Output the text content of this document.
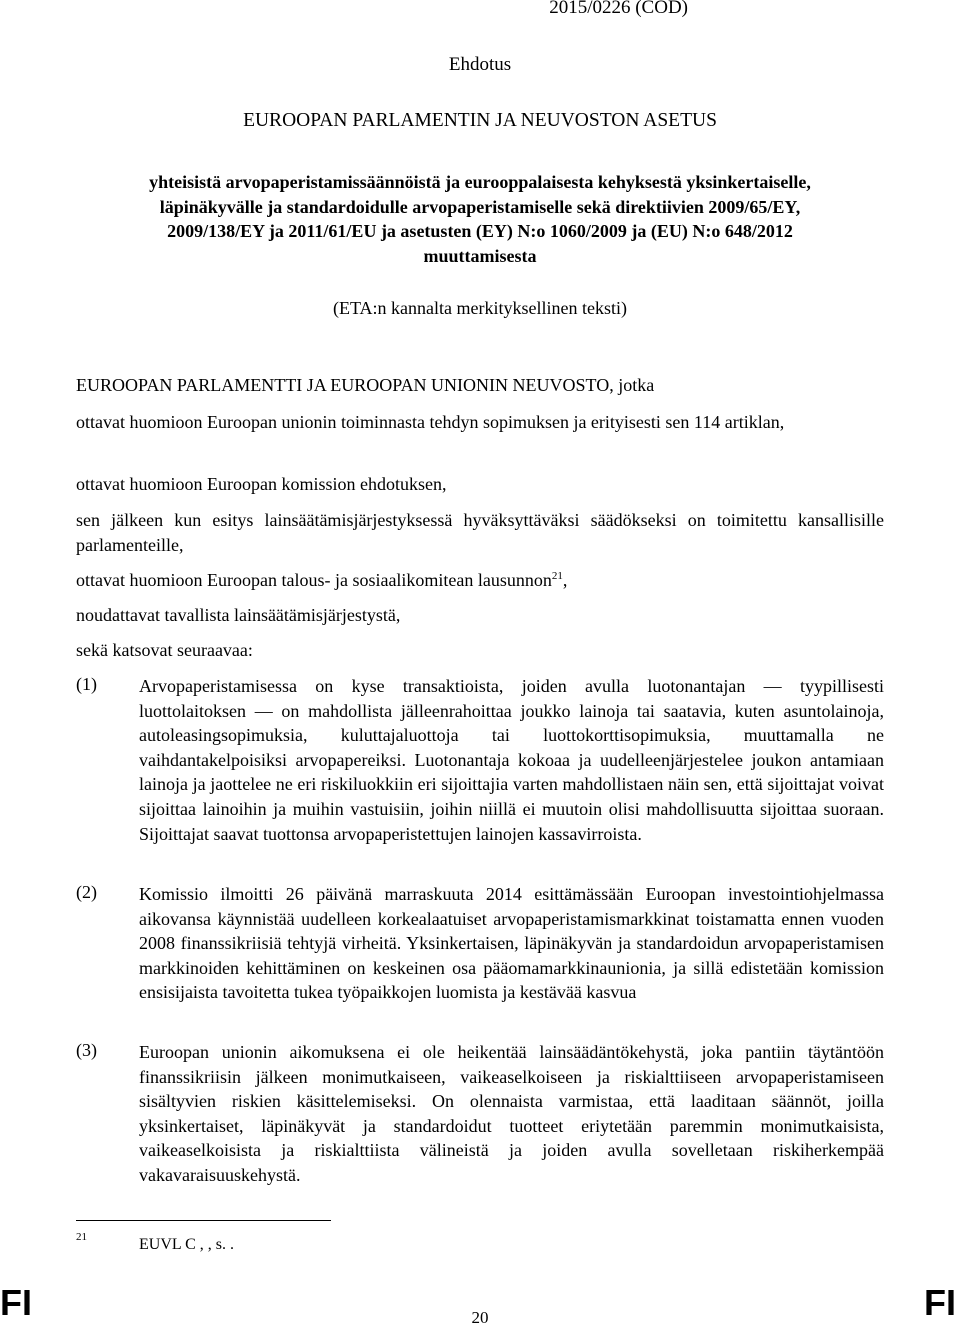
2015/0226 (COD)
Ehdotus
EUROOPAN PARLAMENTIN JA NEUVOSTON ASETUS
yhteisistä arvopaperistamissäännöistä ja eurooppalaisesta kehyksestä yksinkertaiselle,
läpinäkyvälle ja standardoidulle arvopaperistamiselle sekä direktiivien 2009/65/EY,
2009/138/EY ja 2011/61/EU ja asetusten (EY) N:o 1060/2009 ja (EU) N:o 648/2012
muuttamisesta
(ETA:n kannalta merkityksellinen teksti)
EUROOPAN PARLAMENTTI JA EUROOPAN UNIONIN NEUVOSTO, jotka
ottavat huomioon Euroopan unionin toiminnasta tehdyn sopimuksen ja erityisesti sen 114 artiklan,
ottavat huomioon Euroopan komission ehdotuksen,
sen jälkeen kun esitys lainsäätämisjärjestyksessä hyväksyttäväksi säädökseksi on toimitettu kansallisille parlamenteille,
ottavat huomioon Euroopan talous- ja sosiaalikomitean lausunnon$^{21}$,
noudattavat tavallista lainsäätämisjärjestystä,
sekä katsovat seuraavaa:
(1) Arvopaperistamisessa on kyse transaktioista, joiden avulla luotonantajan — tyypillisesti luottolaitoksen — on mahdollista jälleenrahoittaa joukko lainoja tai saatavia, kuten asuntolainoja, autoleasingsopimuksia, kuluttajaluottoja tai luottokorttisopimuksia, muuttamalla ne vaihdantakelpoisiksi arvopapereiksi. Luotonantaja kokoaa ja uudelleenjärjestelee joukon antamiaan lainoja ja jaottelee ne eri riskiluokkiin eri sijoittajia varten mahdollistaen näin sen, että sijoittajat voivat sijoittaa lainoihin ja muihin vastuisiin, joihin niillä ei muutoin olisi mahdollisuutta sijoittaa suoraan. Sijoittajat saavat tuottonsa arvopaperistettujen lainojen kassavirroista.
(2) Komissio ilmoitti 26 päivänä marraskuuta 2014 esittämässään Euroopan investointiohjelmassa aikovansa käynnistää uudelleen korkealaatuiset arvopaperistamismarkkinat toistamatta ennen vuoden 2008 finanssikriisiä tehtyjä virheitä. Yksinkertaisen, läpinäkyvän ja standardoidun arvopaperistamisen markkinoiden kehittäminen on keskeinen osa pääomamarkkinaunionia, ja sillä edistetään komission ensisijaista tavoitetta tukea työpaikkojen luomista ja kestävää kasvua
(3) Euroopan unionin aikomuksena ei ole heikentää lainsäädäntökehystä, joka pantiin täytäntöön finanssikriisin jälkeen monimutkaiseen, vaikeaselkoiseen ja riskialttiiseen arvopaperistamiseen sisältyvien riskien käsittelemiseksi. On olennaista varmistaa, että laaditaan säännöt, joilla yksinkertaiset, läpinäkyvät ja standardoidut tuotteet eriytetään paremmin monimutkaisista, vaikeaselkoisista ja riskialttiista välineistä ja joiden avulla sovelletaan riskiherkempää vakavaraisuuskehystä.
21	EUVL C , , s. .
FI	20	FI
